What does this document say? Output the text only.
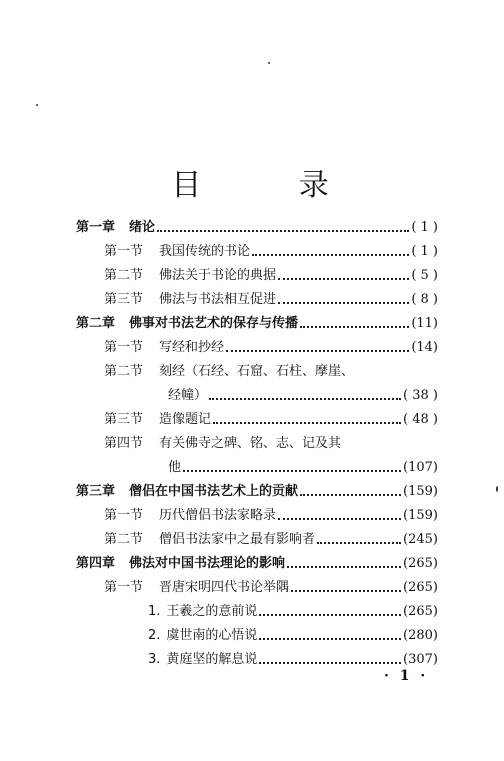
目 录
第一章 绪论	( 1 )
第一节 我国传统的书论	( 1 )
第二节 佛法关于书论的典据	( 5 )
第三节 佛法与书法相互促进	( 8 )
第二章 佛事对书法艺术的保存与传播	(11)
第一节 写经和抄经	(14)
第二节 刻经（石经、石窟、石柱、摩崖、
经幢）	( 38 )
第三节 造像题记	( 48 )
第四节 有关佛寺之碑、铭、志、记及其
他	(107)
第三章 僧侣在中国书法艺术上的贡献	(159)
第一节 历代僧侣书法家略录	(159)
第二节 僧侣书法家中之最有影响者	(245)
第四章 佛法对中国书法理论的影响	(265)
第一节 晋唐宋明四代书论举隅	(265)
1. 王羲之的意前说	(265)
2. 虞世南的心悟说	(280)
3. 黄庭坚的解息说	(307)
· 1 ·
